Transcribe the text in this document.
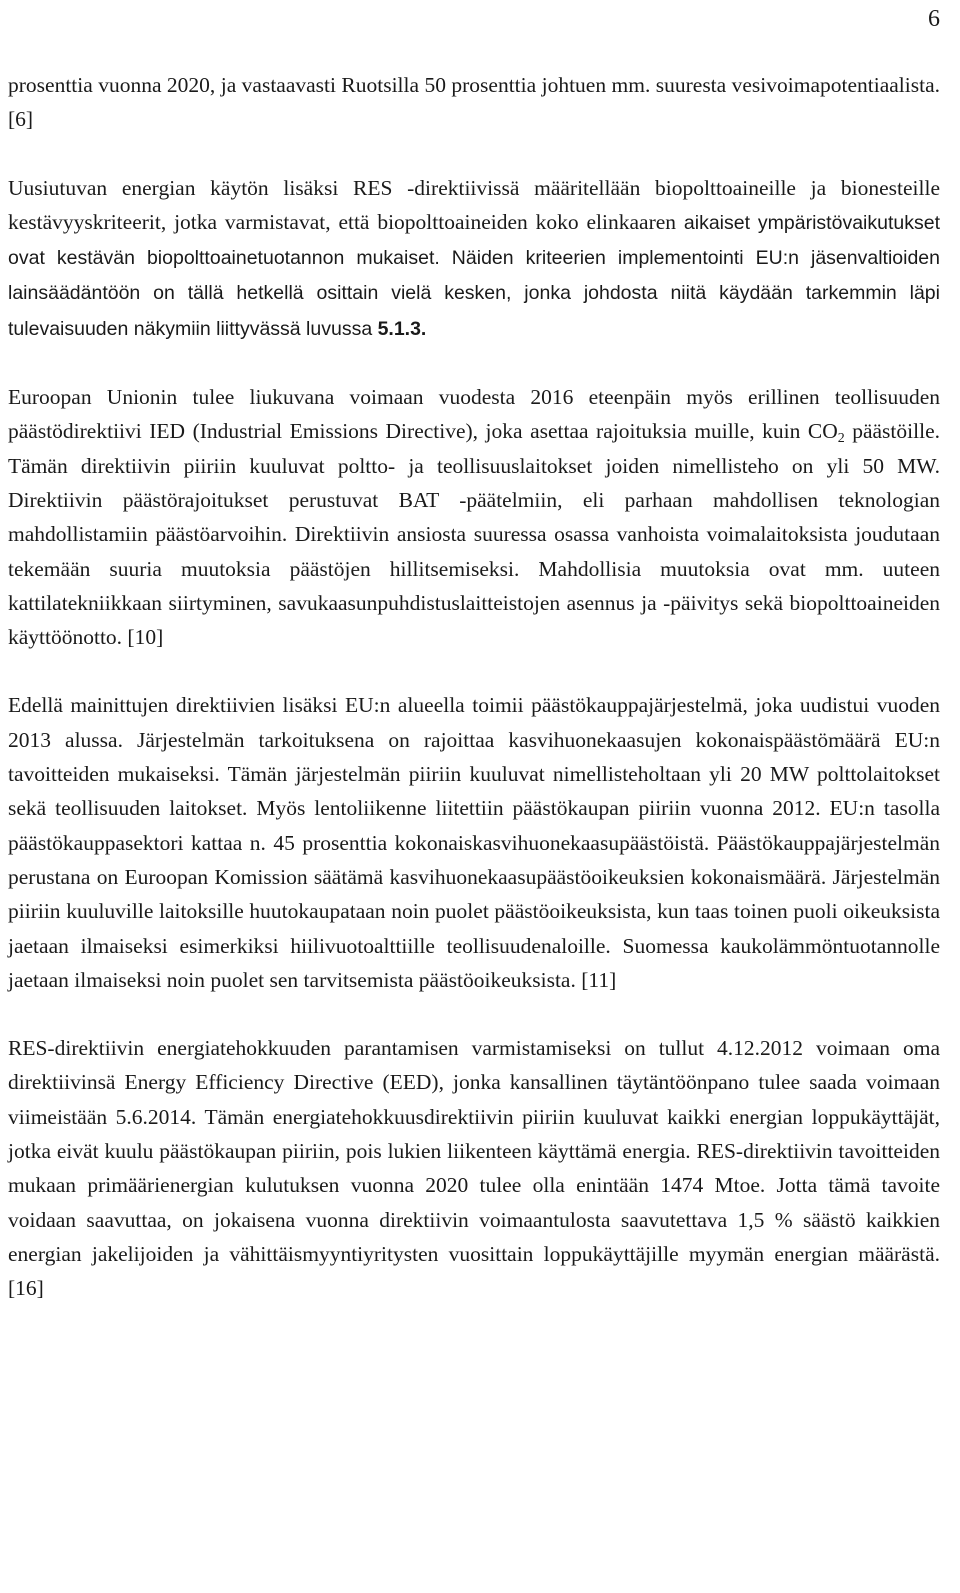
6

prosenttia vuonna 2020, ja vastaavasti Ruotsilla 50 prosenttia johtuen mm. suuresta vesivoimapotentiaalista. [6]

Uusiutuvan energian käytön lisäksi RES -direktiivissä määritellään biopolttoaineille ja bionesteille kestävyyskriteerit, jotka varmistavat, että biopolttoaineiden koko elinkaaren aikaiset ympäristövaikutukset ovat kestävän biopolttoainetuotannon mukaiset. Näiden kriteerien implementointi EU:n jäsenvaltioiden lainsäädäntöön on tällä hetkellä osittain vielä kesken, jonka johdosta niitä käydään tarkemmin läpi tulevaisuuden näkymiin liittyvässä luvussa 5.1.3.

Euroopan Unionin tulee liukuvana voimaan vuodesta 2016 eteenpäin myös erillinen teollisuuden päästödirektiivi IED (Industrial Emissions Directive), joka asettaa rajoituksia muille, kuin $CO_2$ päästöille. Tämän direktiivin piiriin kuuluvat poltto- ja teollisuuslaitokset joiden nimellisteho on yli 50 MW. Direktiivin päästörajoitukset perustuvat BAT -päätelmiin, eli parhaan mahdollisen teknologian mahdollistamiin päästöarvoihin. Direktiivin ansiosta suuressa osassa vanhoista voimalaitoksista joudutaan tekemään suuria muutoksia päästöjen hillitsemiseksi. Mahdollisia muutoksia ovat mm. uuteen kattilatekniikkaan siirtyminen, savukaasunpuhdistuslaitteistojen asennus ja -päivitys sekä biopolttoaineiden käyttöönotto. [10]

Edellä mainittujen direktiivien lisäksi EU:n alueella toimii päästökauppajärjestelmä, joka uudistui vuoden 2013 alussa. Järjestelmän tarkoituksena on rajoittaa kasvihuonekaasujen kokonaispäästömäärä EU:n tavoitteiden mukaiseksi. Tämän järjestelmän piiriin kuuluvat nimellisteholtaan yli 20 MW polttolaitokset sekä teollisuuden laitokset. Myös lentoliikenne liitettiin päästökaupan piiriin vuonna 2012. EU:n tasolla päästökauppasektori kattaa n. 45 prosenttia kokonaiskasvihuonekaasupäästöistä. Päästökauppajärjestelmän perustana on Euroopan Komission säätämä kasvihuonekaasupäästöoikeuksien kokonaismäärä. Järjestelmän piiriin kuuluville laitoksille huutokaupataan noin puolet päästöoikeuksista, kun taas toinen puoli oikeuksista jaetaan ilmaiseksi esimerkiksi hiilivuotoalttiille teollisuudenaloille. Suomessa kaukolämmöntuotannolle jaetaan ilmaiseksi noin puolet sen tarvitsemista päästöoikeuksista. [11]

RES-direktiivin energiatehokkuuden parantamisen varmistamiseksi on tullut 4.12.2012 voimaan oma direktiivinsä Energy Efficiency Directive (EED), jonka kansallinen täytäntöönpano tulee saada voimaan viimeistään 5.6.2014. Tämän energiatehokkuusdirektiivin piiriin kuuluvat kaikki energian loppukäyttäjät, jotka eivät kuulu päästökaupan piiriin, pois lukien liikenteen käyttämä energia. RES-direktiivin tavoitteiden mukaan primäärienergian kulutuksen vuonna 2020 tulee olla enintään 1474 Mtoe. Jotta tämä tavoite voidaan saavuttaa, on jokaisena vuonna direktiivin voimaantulosta saavutettava 1,5 % säästö kaikkien energian jakelijoiden ja vähittäismyyntiyritysten vuosittain loppukäyttäjille myymän energian määrästä. [16]
